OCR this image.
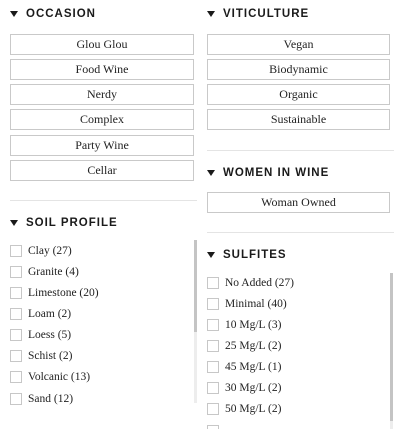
OCCASION
Glou Glou
Food Wine
Nerdy
Complex
Party Wine
Cellar
VITICULTURE
Vegan
Biodynamic
Organic
Sustainable
WOMEN IN WINE
Woman Owned
SOIL PROFILE
Clay (27)
Granite (4)
Limestone (20)
Loam (2)
Loess (5)
Schist (2)
Volcanic (13)
Sand (12)
SULFITES
No Added (27)
Minimal (40)
10 Mg/L (3)
25 Mg/L (2)
45 Mg/L (1)
30 Mg/L (2)
50 Mg/L (2)
